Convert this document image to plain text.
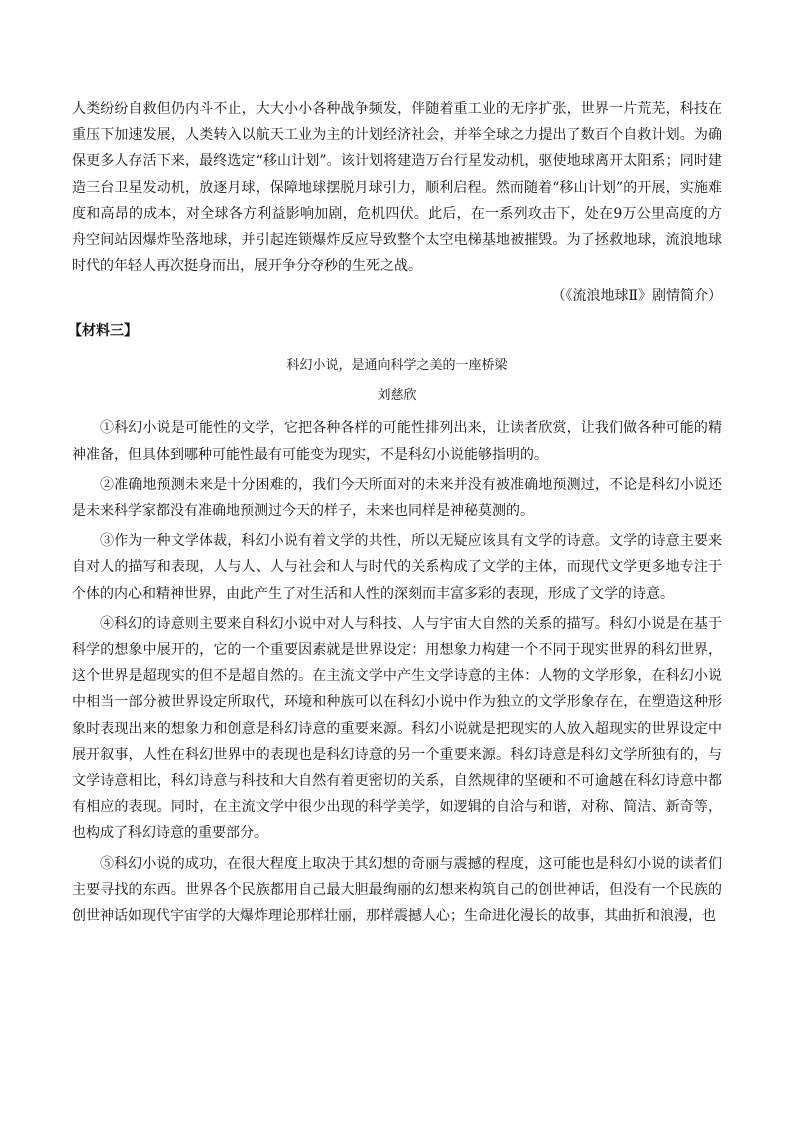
人类纷纷自救但仍内斗不止，大大小小各种战争频发，伴随着重工业的无序扩张，世界一片荒芜，科技在重压下加速发展，人类转入以航天工业为主的计划经济社会，并举全球之力提出了数百个自救计划。为确保更多人存活下来，最终选定“移山计划”。该计划将建造万台行星发动机，驱使地球离开太阳系；同时建造三台卫星发动机，放逐月球，保障地球摆脱月球引力，顺利启程。然而随着“移山计划”的开展，实施难度和高昂的成本，对全球各方利益影响加剧，危机四伏。此后，在一系列攻击下，处在9万公里高度的方舟空间站因爆炸坠落地球，并引起连锁爆炸反应导致整个太空电梯基地被摧毁。为了拯救地球，流浪地球时代的年轻人再次挺身而出，展开争分夺秒的生死之战。

（《流浪地球Ⅱ》剧情简介）

【材料三】

科幻小说，是通向科学之美的一座桥梁

刘慈欣

①科幻小说是可能性的文学，它把各种各样的可能性排列出来，让读者欣赏，让我们做各种可能的精神准备，但具体到哪种可能性最有可能变为现实，不是科幻小说能够指明的。

②准确地预测未来是十分困难的，我们今天所面对的未来并没有被准确地预测过，不论是科幻小说还是未来科学家都没有准确地预测过今天的样子，未来也同样是神秘莫测的。

③作为一种文学体裁，科幻小说有着文学的共性，所以无疑应该具有文学的诗意。文学的诗意主要来自对人的描写和表现，人与人、人与社会和人与时代的关系构成了文学的主体，而现代文学更多地专注于个体的内心和精神世界，由此产生了对生活和人性的深刻而丰富多彩的表现，形成了文学的诗意。

④科幻的诗意则主要来自科幻小说中对人与科技、人与宇宙大自然的关系的描写。科幻小说是在基于科学的想象中展开的，它的一个重要因素就是世界设定：用想象力构建一个不同于现实世界的科幻世界，这个世界是超现实的但不是超自然的。在主流文学中产生文学诗意的主体：人物的文学形象，在科幻小说中相当一部分被世界设定所取代，环境和种族可以在科幻小说中作为独立的文学形象存在，在塑造这种形象时表现出来的想象力和创意是科幻诗意的重要来源。科幻小说就是把现实的人放入超现实的世界设定中展开叙事，人性在科幻世界中的表现也是科幻诗意的另一个重要来源。科幻诗意是科幻文学所独有的，与文学诗意相比，科幻诗意与科技和大自然有着更密切的关系，自然规律的坚硬和不可逾越在科幻诗意中都有相应的表现。同时，在主流文学中很少出现的科学美学，如逻辑的自洽与和谐，对称、简洁、新奇等，也构成了科幻诗意的重要部分。

⑤科幻小说的成功，在很大程度上取决于其幻想的奇丽与震撼的程度，这可能也是科幻小说的读者们主要寻找的东西。世界各个民族都用自己最大胆最绚丽的幻想来构筑自己的创世神话，但没有一个民族的创世神话如现代宇宙学的大爆炸理论那样壮丽，那样震撼人心；生命进化漫长的故事，其曲折和浪漫，也
